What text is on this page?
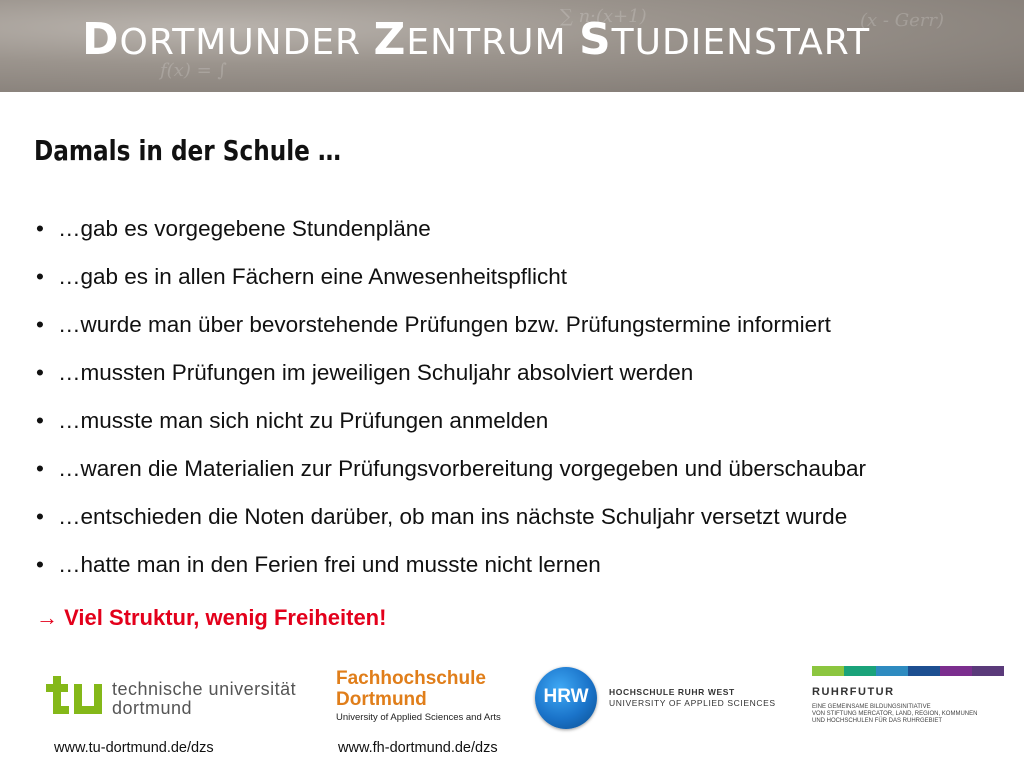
∑ n·(x+1)	(x - Gerr)
f(x) = ∫
DORTMUNDER ZENTRUM STUDIENSTART
Damals in der Schule …
• …gab es vorgegebene Stundenpläne
• …gab es in allen Fächern eine Anwesenheitspflicht
• …wurde man über bevorstehende Prüfungen bzw. Prüfungstermine informiert
• …mussten Prüfungen im jeweiligen Schuljahr absolviert werden
• …musste man sich nicht zu Prüfungen anmelden
• …waren die Materialien zur Prüfungsvorbereitung vorgegeben und überschaubar
• …entschieden die Noten darüber, ob man ins nächste Schuljahr versetzt wurde
• …hatte man in den Ferien frei und musste nicht lernen
→ Viel Struktur, wenig Freiheiten!
technische universität
dortmund
Fachhochschule
Dortmund
University of Applied Sciences and Arts
HRW	HOCHSCHULE RUHR WEST
UNIVERSITY OF APPLIED SCIENCES
RUHRFUTUR
EINE GEMEINSAME BILDUNGSINITIATIVE
VON STIFTUNG MERCATOR, LAND, REGION, KOMMUNEN
UND HOCHSCHULEN FÜR DAS RUHRGEBIET
www.tu-dortmund.de/dzs	www.fh-dortmund.de/dzs
